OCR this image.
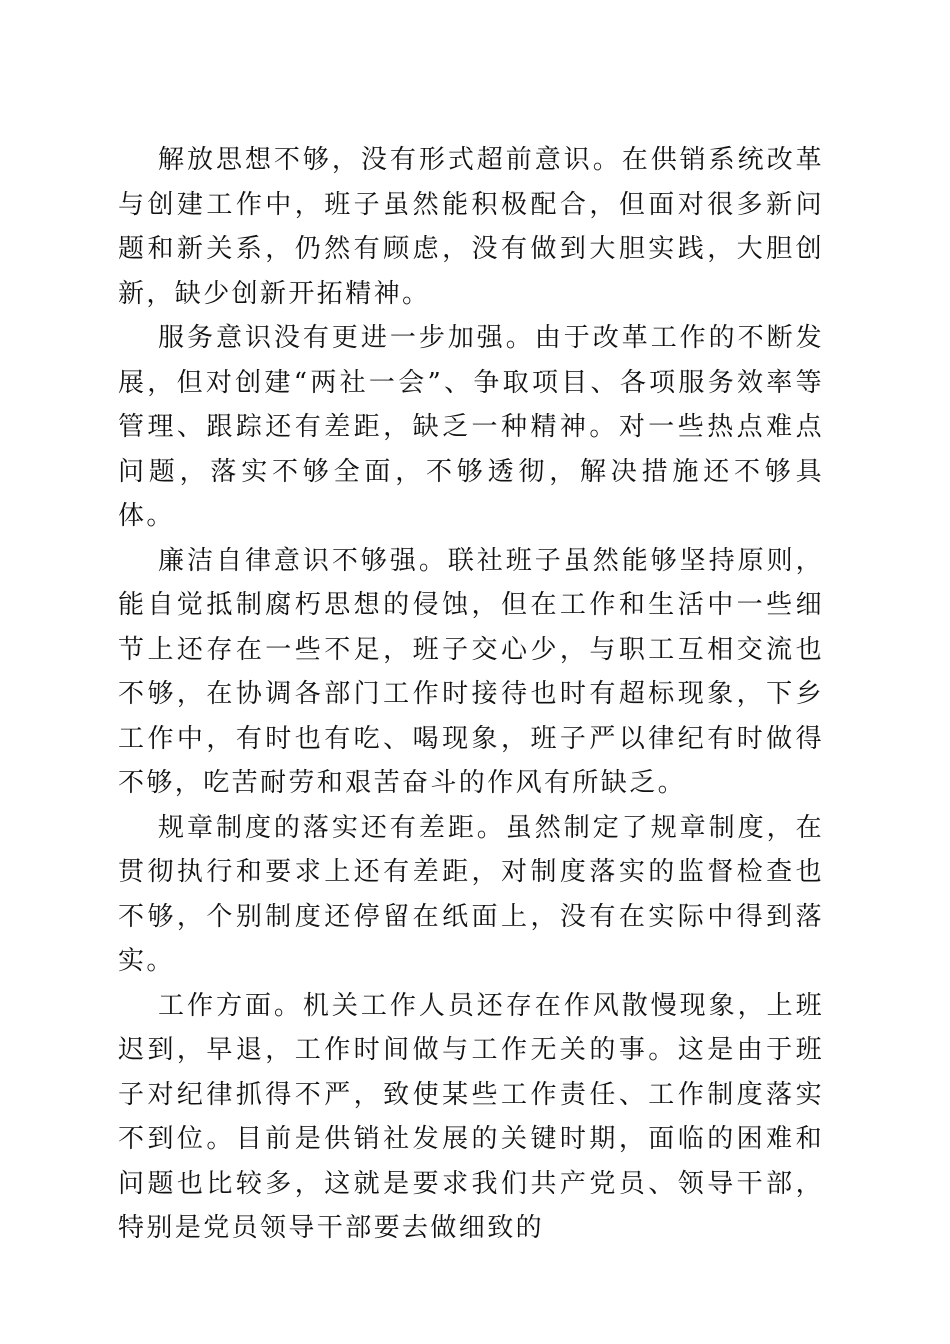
解放思想不够，没有形式超前意识。在供销系统改革与创建工作中，班子虽然能积极配合，但面对很多新问题和新关系，仍然有顾虑，没有做到大胆实践，大胆创新，缺少创新开拓精神。

服务意识没有更进一步加强。由于改革工作的不断发展，但对创建“两社一会”、争取项目、各项服务效率等管理、跟踪还有差距，缺乏一种精神。对一些热点难点问题，落实不够全面，不够透彻，解决措施还不够具体。

廉洁自律意识不够强。联社班子虽然能够坚持原则，能自觉抵制腐朽思想的侵蚀，但在工作和生活中一些细节上还存在一些不足，班子交心少，与职工互相交流也不够，在协调各部门工作时接待也时有超标现象，下乡工作中，有时也有吃、喝现象，班子严以律纪有时做得不够，吃苦耐劳和艰苦奋斗的作风有所缺乏。

规章制度的落实还有差距。虽然制定了规章制度，在贯彻执行和要求上还有差距，对制度落实的监督检查也不够，个别制度还停留在纸面上，没有在实际中得到落实。

工作方面。机关工作人员还存在作风散慢现象，上班迟到，早退，工作时间做与工作无关的事。这是由于班子对纪律抓得不严，致使某些工作责任、工作制度落实不到位。目前是供销社发展的关键时期，面临的困难和问题也比较多，这就是要求我们共产党员、领导干部，特别是党员领导干部要去做细致的
